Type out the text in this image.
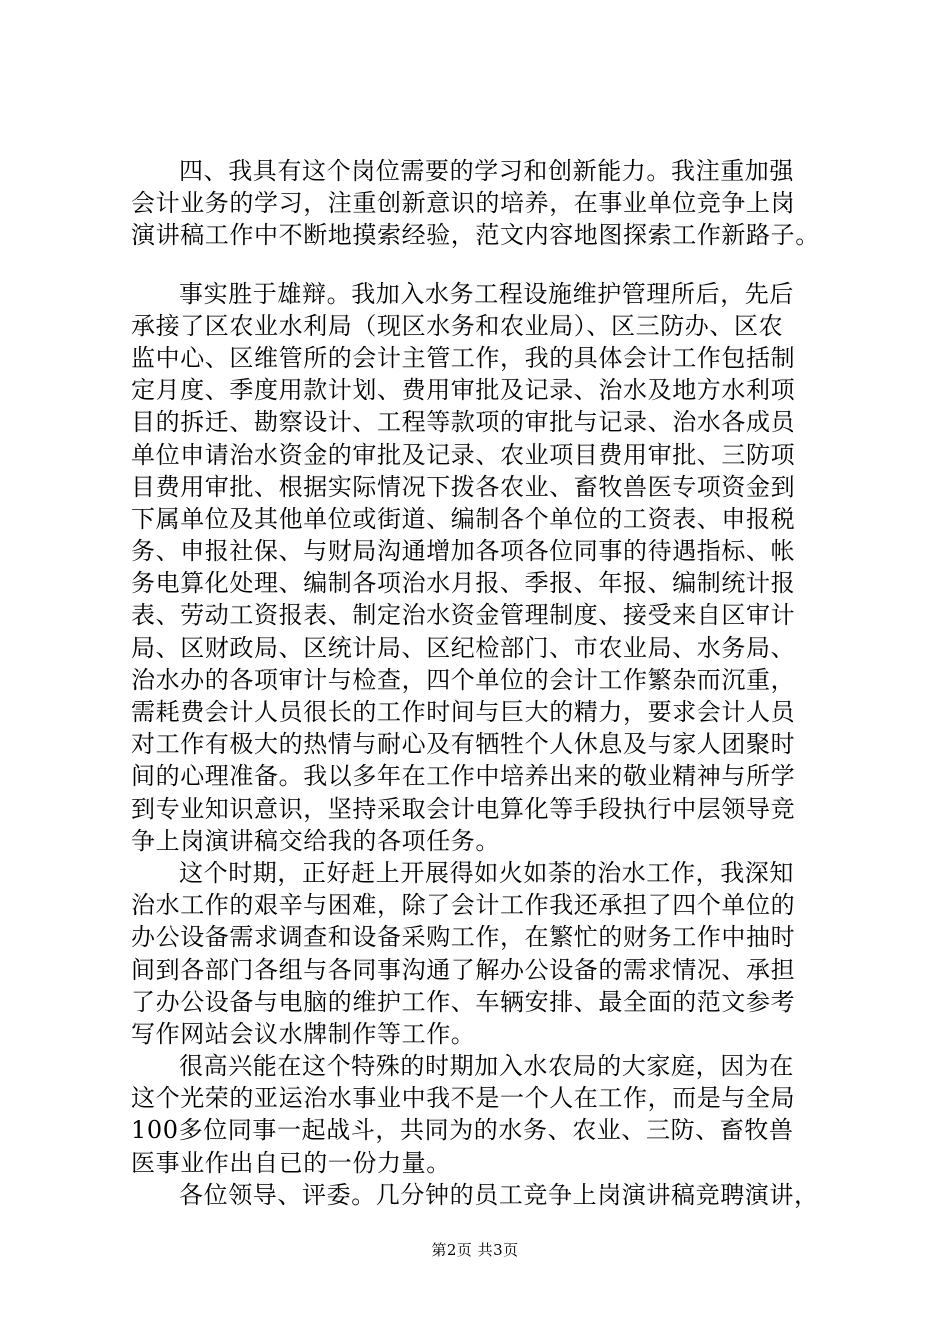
四、我具有这个岗位需要的学习和创新能力。我注重加强
会计业务的学习，注重创新意识的培养，在事业单位竞争上岗
演讲稿工作中不断地摸索经验，范文内容地图探索工作新路子。
事实胜于雄辩。我加入水务工程设施维护管理所后，先后
承接了区农业水利局（现区水务和农业局）、区三防办、区农
监中心、区维管所的会计主管工作，我的具体会计工作包括制
定月度、季度用款计划、费用审批及记录、治水及地方水利项
目的拆迁、勘察设计、工程等款项的审批与记录、治水各成员
单位申请治水资金的审批及记录、农业项目费用审批、三防项
目费用审批、根据实际情况下拨各农业、畜牧兽医专项资金到
下属单位及其他单位或街道、编制各个单位的工资表、申报税
务、申报社保、与财局沟通增加各项各位同事的待遇指标、帐
务电算化处理、编制各项治水月报、季报、年报、编制统计报
表、劳动工资报表、制定治水资金管理制度、接受来自区审计
局、区财政局、区统计局、区纪检部门、市农业局、水务局、
治水办的各项审计与检查，四个单位的会计工作繁杂而沉重，
需耗费会计人员很长的工作时间与巨大的精力，要求会计人员
对工作有极大的热情与耐心及有牺牲个人休息及与家人团聚时
间的心理准备。我以多年在工作中培养出来的敬业精神与所学
到专业知识意识，坚持采取会计电算化等手段执行中层领导竞
争上岗演讲稿交给我的各项任务。
这个时期，正好赶上开展得如火如荼的治水工作，我深知
治水工作的艰辛与困难，除了会计工作我还承担了四个单位的
办公设备需求调查和设备采购工作，在繁忙的财务工作中抽时
间到各部门各组与各同事沟通了解办公设备的需求情况、承担
了办公设备与电脑的维护工作、车辆安排、最全面的范文参考
写作网站会议水牌制作等工作。
很高兴能在这个特殊的时期加入水农局的大家庭，因为在
这个光荣的亚运治水事业中我不是一个人在工作，而是与全局
100多位同事一起战斗，共同为的水务、农业、三防、畜牧兽
医事业作出自已的一份力量。
各位领导、评委。几分钟的员工竞争上岗演讲稿竞聘演讲，
第2页 共3页
